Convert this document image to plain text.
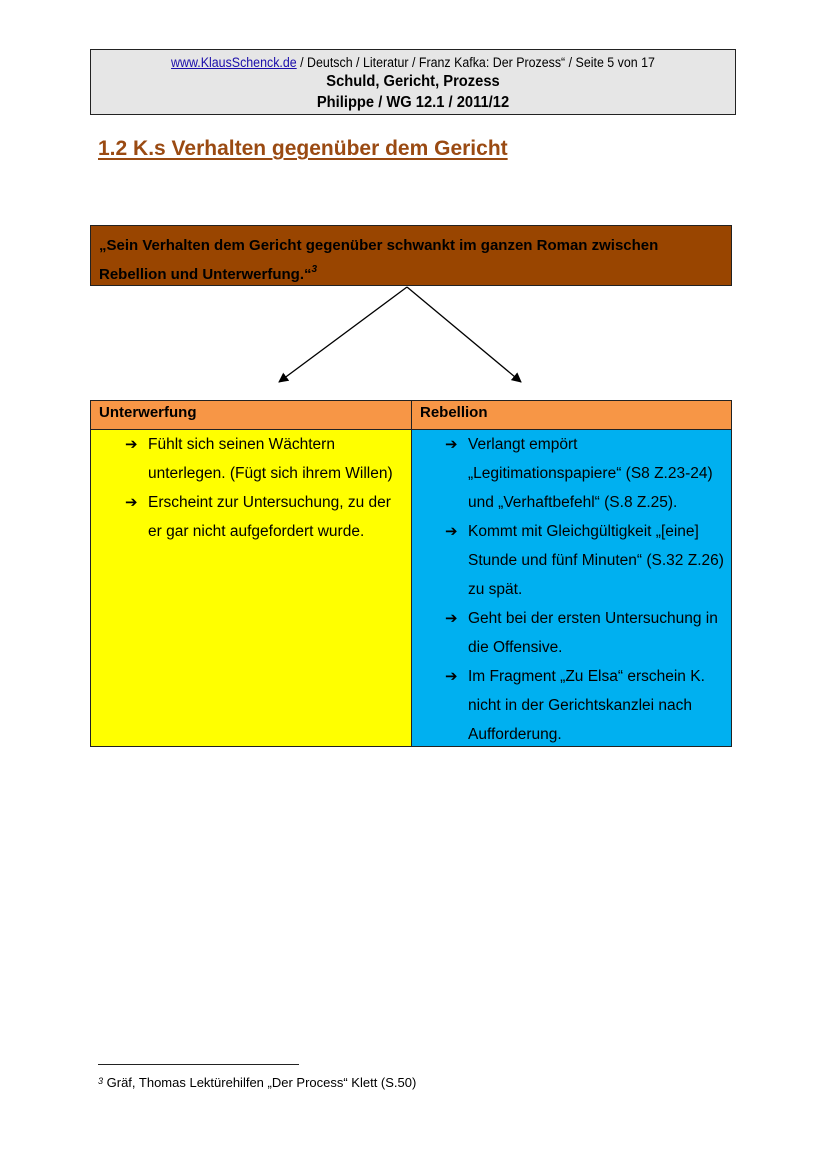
www.KlausSchenck.de / Deutsch / Literatur / Franz Kafka: Der Prozess“ / Seite 5 von 17
Schuld, Gericht, Prozess
Philippe / WG 12.1 / 2011/12
1.2 K.s Verhalten gegenüber dem Gericht
„Sein Verhalten dem Gericht gegenüber schwankt im ganzen Roman zwischen Rebellion und Unterwerfung.“$^3$
Unterwerfung
➔ Fühlt sich seinen Wächtern unterlegen. (Fügt sich ihrem Willen)
➔ Erscheint zur Untersuchung, zu der er gar nicht aufgefordert wurde.
Rebellion
➔ Verlangt empört „Legitimationspapiere“ (S8 Z.23-24) und „Verhaftbefehl“ (S.8 Z.25).
➔ Kommt mit Gleichgültigkeit „[eine] Stunde und fünf Minuten“ (S.32 Z.26) zu spät.
➔ Geht bei der ersten Untersuchung in die Offensive.
➔ Im Fragment „Zu Elsa“ erschein K. nicht in der Gerichtskanzlei nach Aufforderung.
$^3$ Gräf, Thomas Lektürehilfen „Der Process“ Klett (S.50)
